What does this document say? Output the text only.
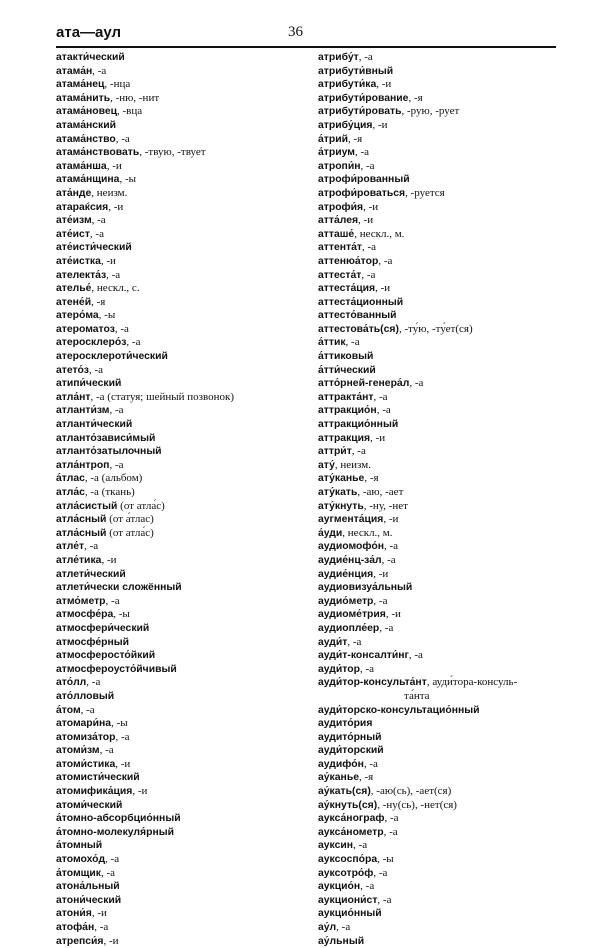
ата—аул	36
атакти́ческий
атама́н, -а
атама́нец, -нца
атама́нить, -ню, -нит
атама́новец, -вца
атама́нский
атама́нство, -а
атама́нствовать, -твую, -твует
атама́нша, -и
атама́нщина, -ы
ата́нде, неизм.
атараќсия, -и
ате́изм, -а
ате́ист, -а
ате́исти́ческий
ате́истка, -и
ателекта́з, -а
ателье́, нескл., с.
атене́й, -я
атеро́ма, -ы
атероматоз, -а
атеросклеро́з, -а
атеросклероти́ческий
атето́з, -а
атипи́ческий
атла́нт, -а (статуя; шейный позвонок)
атланти́зм, -а
атланти́ческий
атланто́зависи́мый
атланто́затылочный
атла́нтроп, -а
а́тлас, -а (альбом)
атла́с, -а (ткань)
атла́систый (от атла́с)
атла́сный (от а́тлас)
атла́сный (от атла́с)
атле́т, -а
атле́тика, -и
атлети́ческий
атлети́чески сложённый
атмо́метр, -а
атмосфе́ра, -ы
атмосфери́ческий
атмосфе́рный
атмосферосто́йкий
атмосфероусто́йчивый
ато́лл, -а
ато́лловый
а́том, -а
атомари́на, -ы
атомиза́тор, -а
атоми́зм, -а
атоми́стика, -и
атомисти́ческий
атомифика́ция, -и
атоми́ческий
а́томно-абсорбцио́нный
а́томно-молекуля́рный
а́томный
атомохо́д, -а
а́томщик, -а
атона́льный
атони́ческий
атони́я, -и
атофа́н, -а
атрепси́я, -и
атрибу́т, -а
атрибути́вный
атрибути́ка, -и
атрибути́рование, -я
атрибути́ровать, -рую, -рует
атрибу́ция, -и
а́трий, -я
а́триум, -а
атропи́н, -а
атрофи́рованный
атрофи́роваться, -руется
атрофи́я, -и
атта́лея, -и
атташе́, нескл., м.
аттента́т, -а
аттенюа́тор, -а
аттеста́т, -а
аттеста́ция, -и
аттеста́ционный
аттесто́ванный
аттестова́ть(ся), -ту́ю, -ту́ет(ся)
а́ттик, -а
а́ттиковый
а́тти́ческий
атто́рней-генера́л, -а
аттракта́нт, -а
аттракцио́н, -а
аттракцио́нный
аттракция, -и
аттри́т, -а
ату́, неизм.
ату́канье, -я
ату́кать, -аю, -ает
ату́кнуть, -ну, -нет
аугмента́ция, -и
а́уди, нескл., м.
аудиомофо́н, -а
аудие́нц-за́л, -а
аудие́нция, -и
аудиовизуа́льный
аудио́метр, -а
аудиоме́трия, -и
аудиопле́ер, -а
ауди́т, -а
ауди́т-консалти́нг, -а
ауди́тор, -а
ауди́тор-консульта́нт, ауди́тора-консуль-
та́нта
ауди́торско-консультацио́нный
аудито́рия
аудито́рный
ауди́торский
аудифо́н, -а
ау́канье, -я
ау́кать(ся), -аю(сь), -ает(ся)
ау́кнуть(ся), -ну(сь), -нет(ся)
аукса́нограф, -а
аукса́нометр, -а
ауксин, -а
ауксоспо́ра, -ы
ауксотро́ф, -а
аукцио́н, -а
аукциони́ст, -а
аукцио́нный
ау́л, -а
ау́льный
